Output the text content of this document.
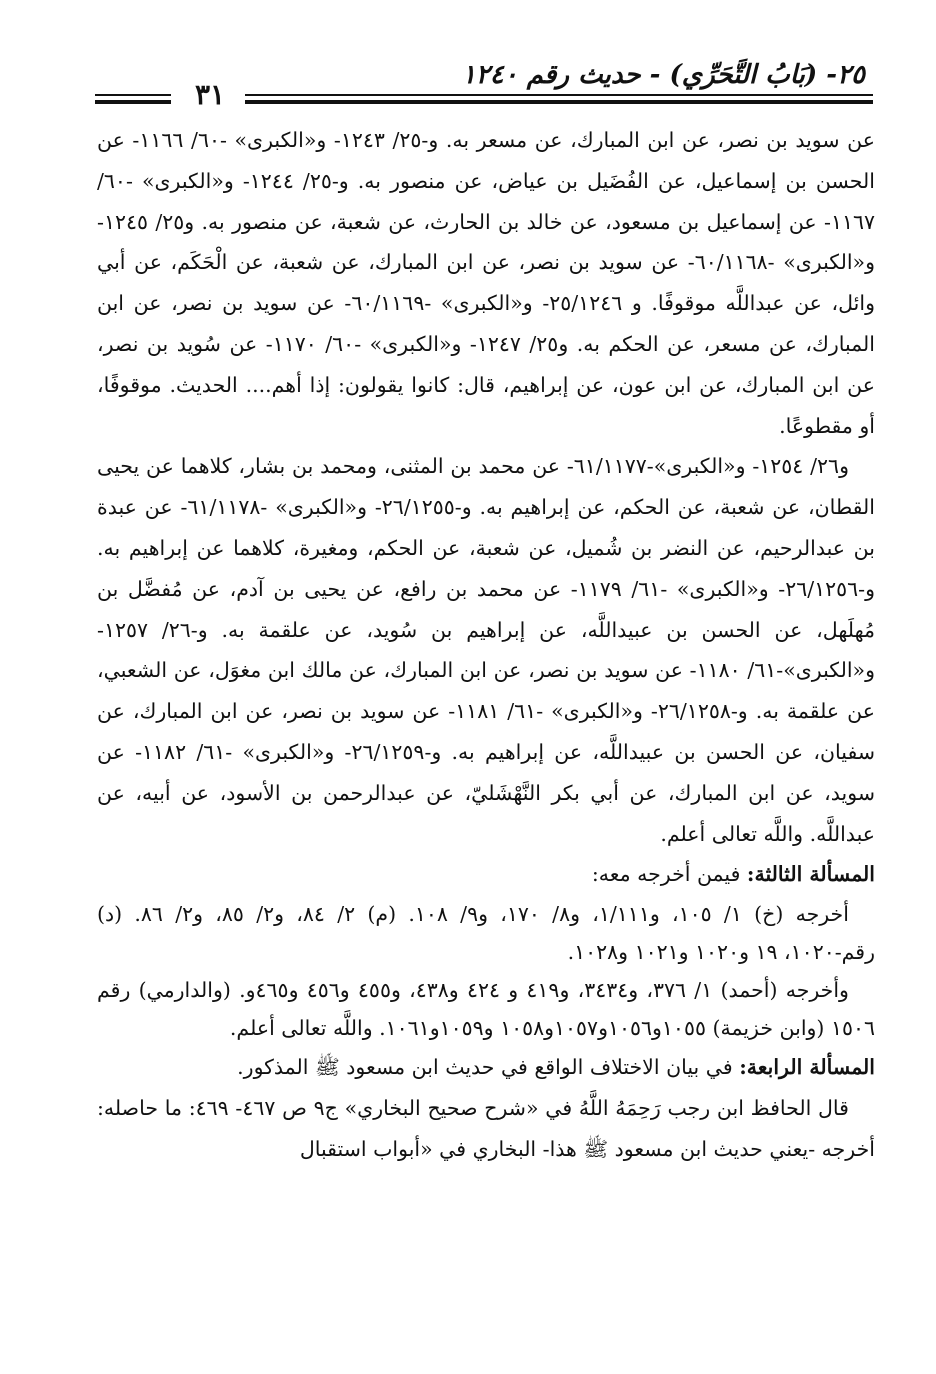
٢٥- (بَابُ التَّحَرِّي) - حديث رقم ١٢٤٠
٣١

عن سويد بن نصر، عن ابن المبارك، عن مسعر به. و-٢٥/ ١٢٤٣- و«الكبرى» -٦٠/ ١١٦٦- عن الحسن بن إسماعيل، عن الفُضَيل بن عياض، عن منصور به. و-٢٥/ ١٢٤٤- و«الكبرى» -٦٠/ ١١٦٧- عن إسماعيل بن مسعود، عن خالد بن الحارث، عن شعبة، عن منصور به. و٢٥/ ١٢٤٥- و«الكبرى» -٦٠/١١٦٨- عن سويد بن نصر، عن ابن المبارك، عن شعبة، عن الْحَكَم، عن أبي وائل، عن عبداللَّه موقوفًا. و ٢٥/١٢٤٦- و«الكبرى» -٦٠/١١٦٩- عن سويد بن نصر، عن ابن المبارك، عن مسعر، عن الحكم به. و٢٥/ ١٢٤٧- و«الكبرى» -٦٠/ ١١٧٠- عن سُويد بن نصر، عن ابن المبارك، عن ابن عون، عن إبراهيم، قال: كانوا يقولون: إذا أهم.... الحديث. موقوفًا، أو مقطوعًا.

و٢٦/ ١٢٥٤- و«الكبرى»-٦١/١١٧٧- عن محمد بن المثنى، ومحمد بن بشار، كلاهما عن يحيى القطان، عن شعبة، عن الحكم، عن إبراهيم به. و-٢٦/١٢٥٥- و«الكبرى» -٦١/١١٧٨- عن عبدة بن عبدالرحيم، عن النضر بن شُميل، عن شعبة، عن الحكم، ومغيرة، كلاهما عن إبراهيم به. و-٢٦/١٢٥٦- و«الكبرى» -٦١/ ١١٧٩- عن محمد بن رافع، عن يحيى بن آدم، عن مُفضَّل بن مُهلَهل، عن الحسن بن عبيداللَّه، عن إبراهيم بن سُويد، عن علقمة به. و-٢٦/ ١٢٥٧- و«الكبرى»-٦١/ ١١٨٠- عن سويد بن نصر، عن ابن المبارك، عن مالك ابن مغوَل، عن الشعبي، عن علقمة به. و-٢٦/١٢٥٨- و«الكبرى» -٦١/ ١١٨١- عن سويد بن نصر، عن ابن المبارك، عن سفيان، عن الحسن بن عبيداللَّه، عن إبراهيم به. و-٢٦/١٢٥٩- و«الكبرى» -٦١/ ١١٨٢- عن سويد، عن ابن المبارك، عن أبي بكر النَّهْشَليّ، عن عبدالرحمن بن الأسود، عن أبيه، عن عبداللَّه. واللَّه تعالى أعلم.

المسألة الثالثة: فيمن أخرجه معه:

أخرجه (خ) ١/ ١٠٥، و١/١١١، و٨/ ١٧٠، و٩/ ١٠٨. (م) ٢/ ٨٤، و٢/ ٨٥، و٢/ ٨٦. (د) رقم-١٠٢٠، ١٩ و١٠٢٠ و١٠٢١ و١٠٢٨.

وأخرجه (أحمد) ١/ ٣٧٦، و٣٤٣٤، و٤١٩ و ٤٢٤ و٤٣٨، و٤٥٥ و٤٥٦ و٤٦٥و. (والدارمي) رقم ١٥٠٦ (وابن خزيمة) ١٠٥٥و١٠٥٦و١٠٥٧و١٠٥٨ و١٠٥٩و١٠٦١. واللَّه تعالى أعلم.

المسألة الرابعة: في بيان الاختلاف الواقع في حديث ابن مسعود ﷺ المذكور.

قال الحافظ ابن رجب رَحِمَهُ اللَّهُ في «شرح صحيح البخاري» ج٩ ص ٤٦٧- ٤٦٩: ما حاصله: أخرجه -يعني حديث ابن مسعود ﷺ هذا- البخاري في «أبواب استقبال
